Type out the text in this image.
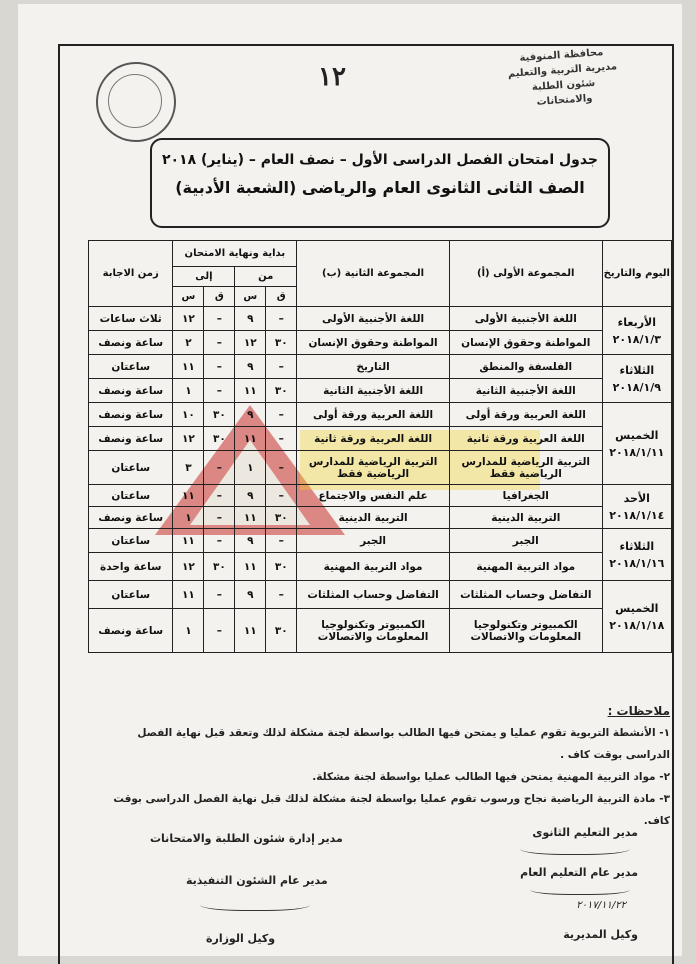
محافظة المنوفية
مديرية التربية والتعليم
شئون الطلبة والامتحانات
١٢
جدول امتحان الفصل الدراسى الأول – نصف العام – (يناير) ٢٠١٨
الصف الثانى الثانوى العام والرياضى (الشعبة الأدبية)
اليوم والتاريخ	المجموعة الأولى (أ)	المجموعة الثانية (ب)	بداية ونهاية الامتحان				زمن الاجابة
			من		إلى		
			ق	س	ق	س	

الأربعاء
٢٠١٨/١/٣	اللغة الأجنبية الأولى	اللغة الأجنبية الأولى	–	٩	–	١٢	ثلاث ساعات
	المواطنة وحقوق الإنسان	المواطنة وحقوق الإنسان	٣٠	١٢	–	٢	ساعة ونصف

الثلاثاء
٢٠١٨/١/٩	الفلسفة والمنطق	التاريخ	–	٩	–	١١	ساعتان
	اللغة الأجنبية الثانية	اللغة الأجنبية الثانية	٣٠	١١	–	١	ساعة ونصف

الخميس
٢٠١٨/١/١١	اللغة العربية ورقة أولى	اللغة العربية ورقة أولى	–	٩	٣٠	١٠	ساعة ونصف
	اللغة العربية ورقة ثانية	اللغة العربية ورقة ثانية	–	١١	٣٠	١٢	ساعة ونصف
	التربية الرياضية للمدارس الرياضية فقط	التربية الرياضية للمدارس الرياضية فقط	–	١	–	٣	ساعتان

الأحد
٢٠١٨/١/١٤	الجغرافيا	علم النفس والاجتماع	–	٩	–	١١	ساعتان
	التربية الدينية	التربية الدينية	٣٠	١١	–	١	ساعة ونصف

الثلاثاء
٢٠١٨/١/١٦	الجبر	الجبر	–	٩	–	١١	ساعتان
	مواد التربية المهنية	مواد التربية المهنية	٣٠	١١	٣٠	١٢	ساعة واحدة

الخميس
٢٠١٨/١/١٨	التفاضل وحساب المثلثات	التفاضل وحساب المثلثات	–	٩	–	١١	ساعتان
	الكمبيوتر وتكنولوجيا المعلومات والاتصالات	الكمبيوتر وتكنولوجيا المعلومات والاتصالات	٣٠	١١	–	١	ساعة ونصف
ملاحظات :
١- الأنشطة التربوية تقوم عمليا و يمتحن فيها الطالب بواسطة لجنة مشكلة لذلك وتعقد قبل نهاية الفصل الدراسى بوقت كاف .
٢- مواد التربية المهنية يمتحن فيها الطالب عمليا بواسطة لجنة مشكلة.
٣- مادة التربية الرياضية نجاح ورسوب تقوم عمليا بواسطة لجنة مشكلة لذلك قبل نهاية الفصل الدراسى بوقت كاف.
مدير التعليم الثانوى
مدير عام التعليم العام
٢٠١٧/١١/٢٢
وكيل المديرية
مدير إدارة شئون الطلبة والامتحانات
مدير عام الشئون التنفيذية
وكيل الوزارة
